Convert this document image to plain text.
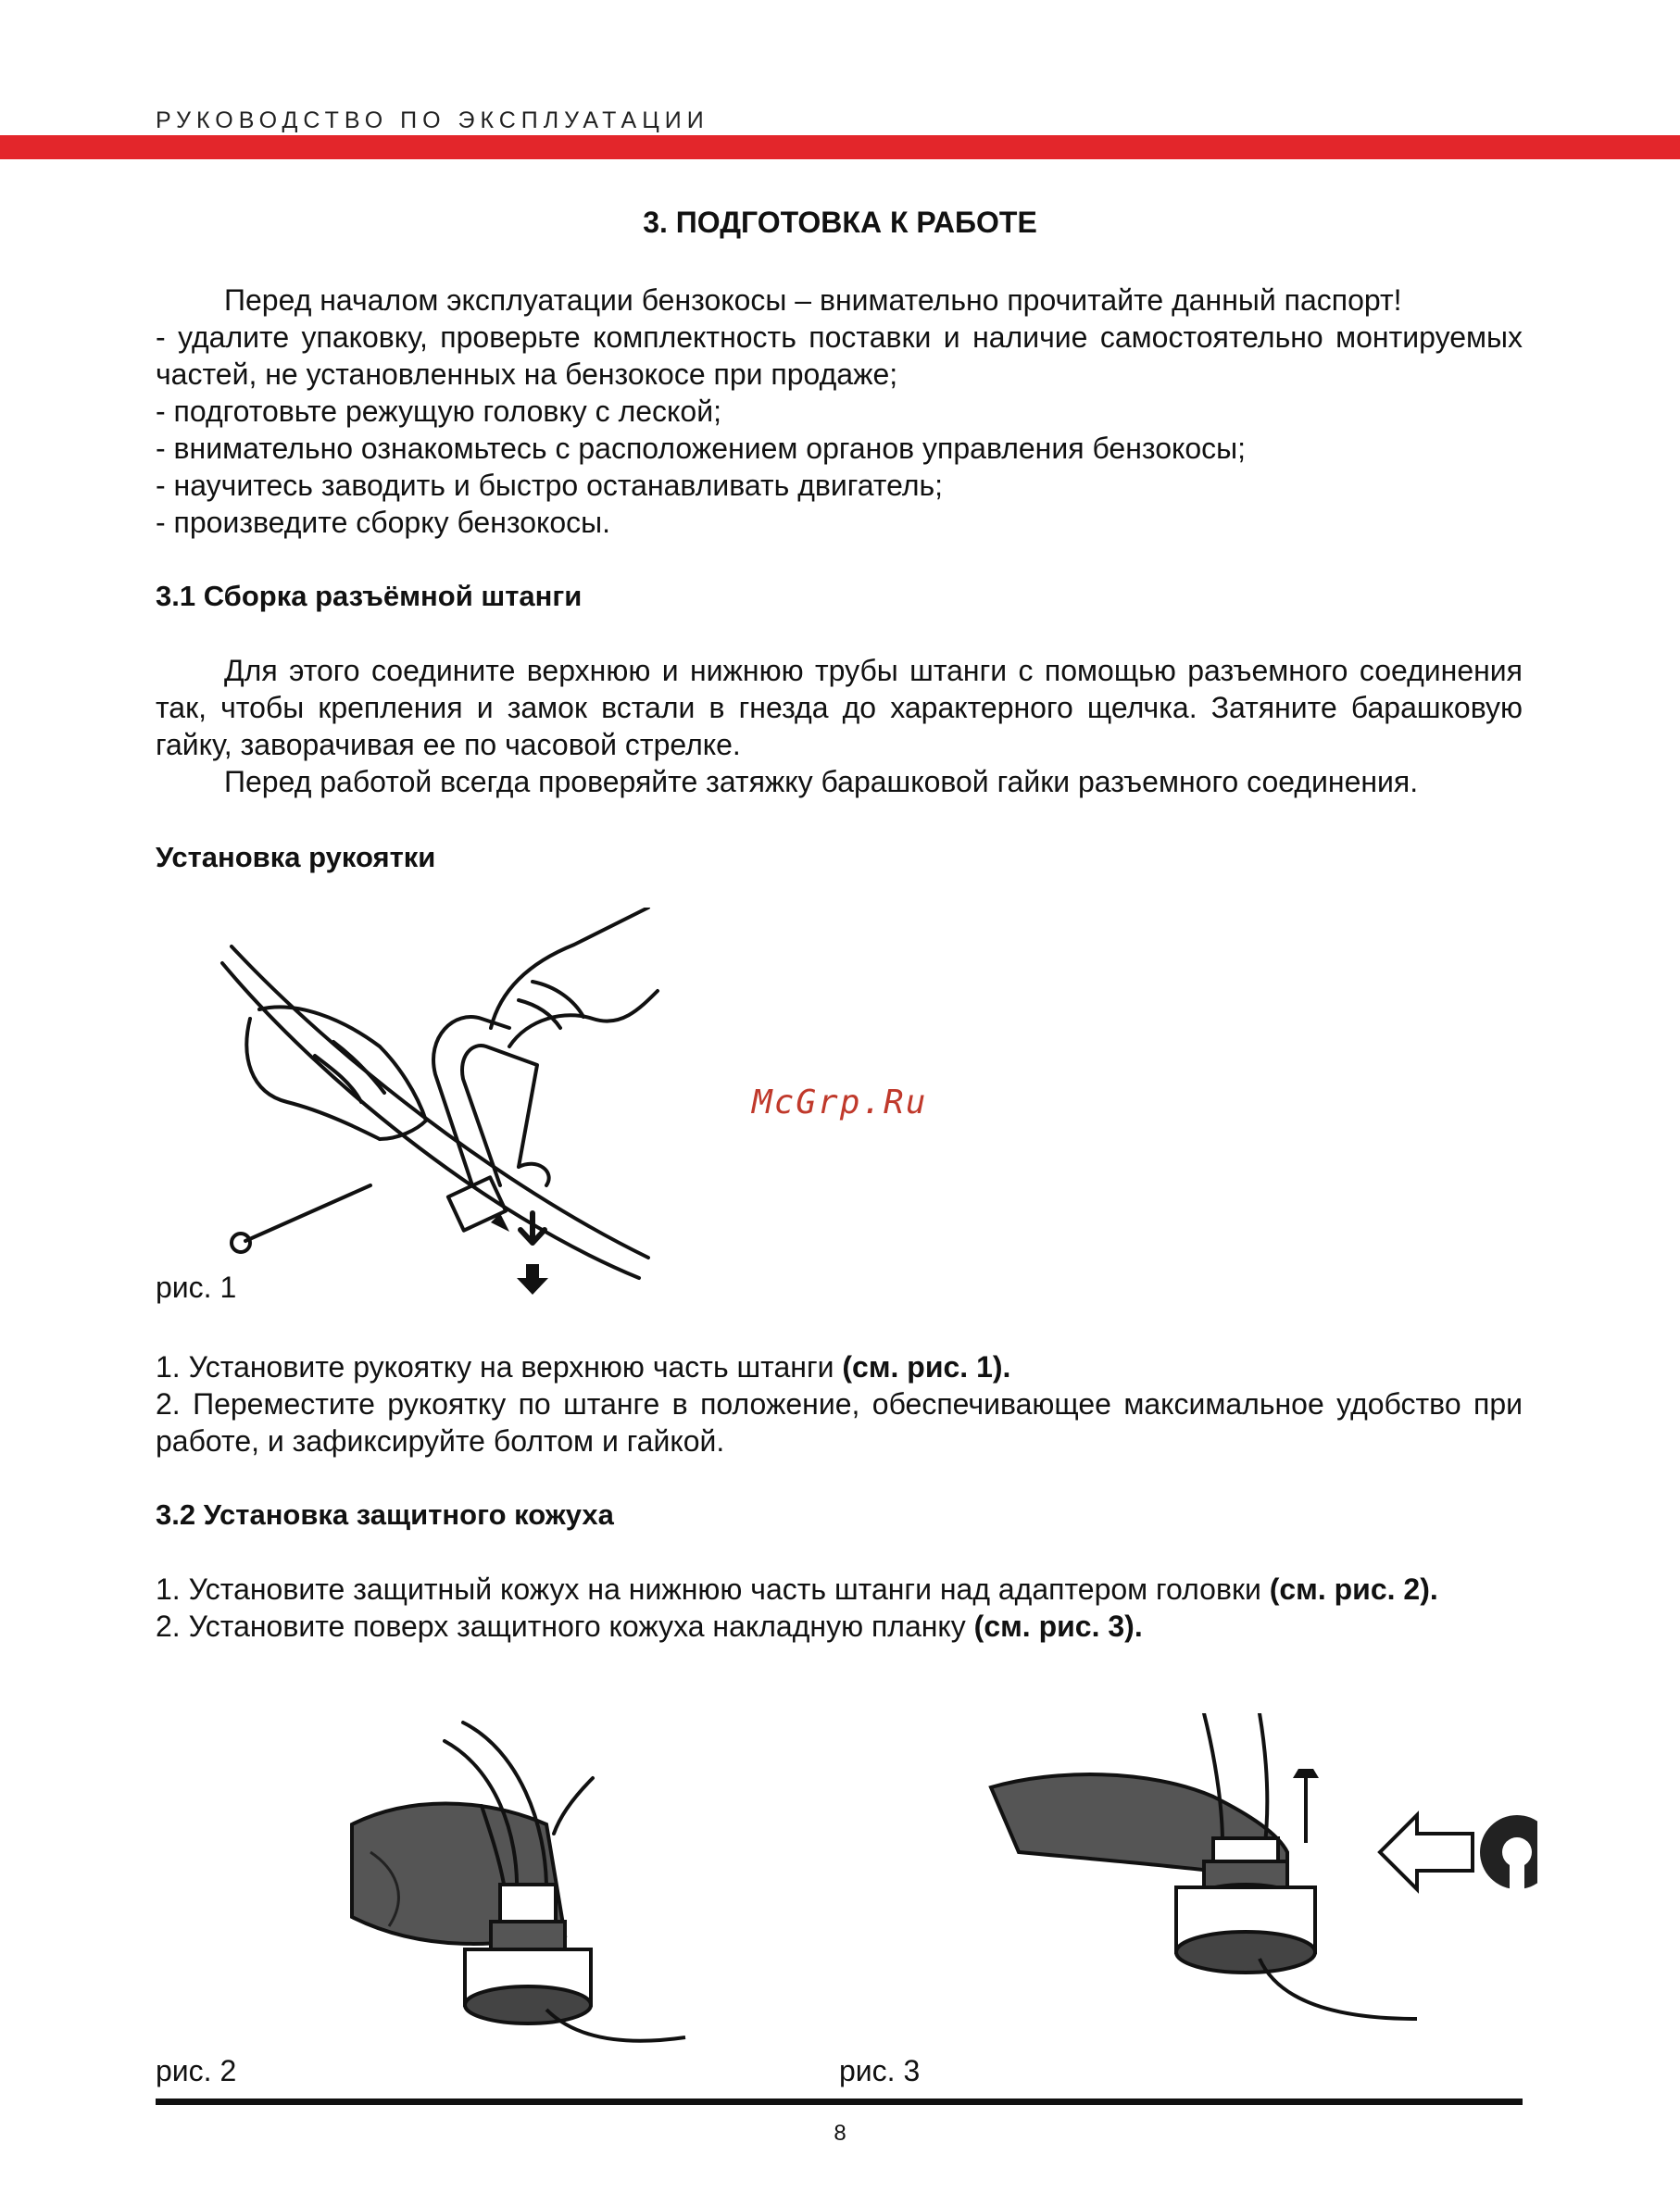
РУКОВОДСТВО ПО ЭКСПЛУАТАЦИИ
3. ПОДГОТОВКА К РАБОТЕ

Перед началом эксплуатации бензокосы – внимательно прочитайте данный паспорт!

- удалите упаковку, проверьте комплектность поставки и наличие самостоятельно монтируемых частей, не установленных на бензокосе при продаже;

- подготовьте режущую головку с леской;

- внимательно ознакомьтесь с расположением органов управления бензокосы;

- научитесь заводить и быстро останавливать двигатель;

- произведите сборку бензокосы.

3.1 Сборка разъёмной штанги

Для этого соедините верхнюю и нижнюю трубы штанги с помощью разъемного соединения так, чтобы крепления и замок встали в гнезда до характерного щелчка. Затяните барашковую гайку, заворачивая ее по часовой стрелке.

Перед работой всегда проверяйте затяжку барашковой гайки разъемного соединения.

Установка рукоятки
рис. 1
McGrp.Ru

1. Установите рукоятку на верхнюю часть штанги (см. рис. 1).

2. Переместите рукоятку по штанге в положение, обеспечивающее максимальное удобство при работе, и зафиксируйте болтом и гайкой.

3.2 Установка защитного кожуха

1. Установите защитный кожух на нижнюю часть штанги над адаптером головки (см. рис. 2).

2. Установите поверх защитного кожуха накладную планку (см. рис. 3).

рис. 2	рис. 3
8
